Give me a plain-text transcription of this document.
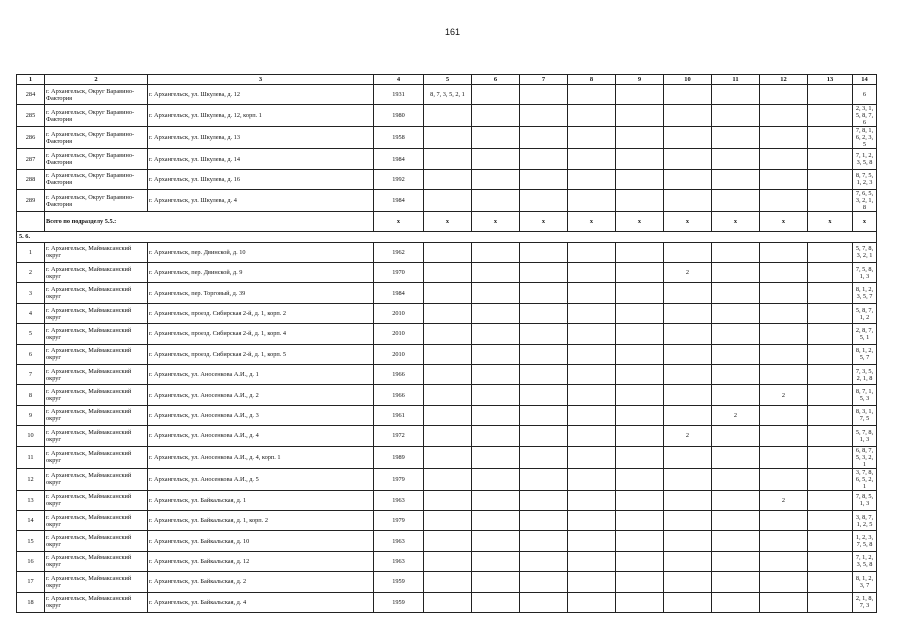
161
1	2	3	4	5	6	7	8	9	10	11	12	13	14
284	г. Архангельск, Округ Варавино-Фактория	г. Архангельск, ул. Шкулева, д. 12	1931	8, 7, 3, 5, 2, 1									6
285	г. Архангельск, Округ Варавино-Фактория	г. Архангельск, ул. Шкулева, д. 12, корп. 1	1980										2, 3, 1, 5, 8, 7, 6
286	г. Архангельск, Округ Варавино-Фактория	г. Архангельск, ул. Шкулева, д. 13	1958										7, 8, 1, 6, 2, 3, 5
287	г. Архангельск, Округ Варавино-Фактория	г. Архангельск, ул. Шкулева, д. 14	1984										7, 1, 2, 3, 5, 8
288	г. Архангельск, Округ Варавино-Фактория	г. Архангельск, ул. Шкулева, д. 16	1992										8, 7, 5, 1, 2, 3
289	г. Архангельск, Округ Варавино-Фактория	г. Архангельск, ул. Шкулева, д. 4	1984										7, 6, 5, 3, 2, 1, 8
	Всего по подразделу 5.5.:		x	x	x	x	x	x	x	x	x	x	x
5. 6.													
1	г. Архангельск, Маймаксанский округ	г. Архангельск, пер. Двинской, д. 10	1962										5, 7, 8, 3, 2, 1
2	г. Архангельск, Маймаксанский округ	г. Архангельск, пер. Двинской, д. 9	1970						2				7, 5, 8, 1, 3
3	г. Архангельск, Маймаксанский округ	г. Архангельск, пер. Торговый, д. 39	1984										8, 1, 2, 3, 5, 7
4	г. Архангельск, Маймаксанский округ	г. Архангельск, проезд. Сибирская 2-й, д. 1, корп. 2	2010										5, 8, 7, 1, 2
5	г. Архангельск, Маймаксанский округ	г. Архангельск, проезд. Сибирская 2-й, д. 1, корп. 4	2010										2, 8, 7, 5, 1
6	г. Архангельск, Маймаксанский округ	г. Архангельск, проезд. Сибирская 2-й, д. 1, корп. 5	2010										8, 1, 2, 5, 7
7	г. Архангельск, Маймаксанский округ	г. Архангельск, ул. Аносенкова А.И., д. 1	1966										7, 3, 5, 2, 1, 8
8	г. Архангельск, Маймаксанский округ	г. Архангельск, ул. Аносенкова А.И., д. 2	1966								2		8, 7, 1, 5, 3
9	г. Архангельск, Маймаксанский округ	г. Архангельск, ул. Аносенкова А.И., д. 3	1961							2			8, 3, 1, 7, 5
10	г. Архангельск, Маймаксанский округ	г. Архангельск, ул. Аносенкова А.И., д. 4	1972						2				5, 7, 8, 1, 3
11	г. Архангельск, Маймаксанский округ	г. Архангельск, ул. Аносенкова А.И., д. 4, корп. 1	1989										6, 8, 7, 5, 3, 2, 1
12	г. Архангельск, Маймаксанский округ	г. Архангельск, ул. Аносенкова А.И., д. 5	1979										3, 7, 8, 6, 5, 2, 1
13	г. Архангельск, Маймаксанский округ	г. Архангельск, ул. Байкальская, д. 1	1963								2		7, 8, 5, 1, 3
14	г. Архангельск, Маймаксанский округ	г. Архангельск, ул. Байкальская, д. 1, корп. 2	1979										3, 8, 7, 1, 2, 5
15	г. Архангельск, Маймаксанский округ	г. Архангельск, ул. Байкальская, д. 10	1963										1, 2, 3, 7, 5, 8
16	г. Архангельск, Маймаксанский округ	г. Архангельск, ул. Байкальская, д. 12	1963										7, 1, 2, 3, 5, 8
17	г. Архангельск, Маймаксанский округ	г. Архангельск, ул. Байкальская, д. 2	1959										8, 1, 2, 3, 7
18	г. Архангельск, Маймаксанский округ	г. Архангельск, ул. Байкальская, д. 4	1959										2, 1, 8, 7, 3
